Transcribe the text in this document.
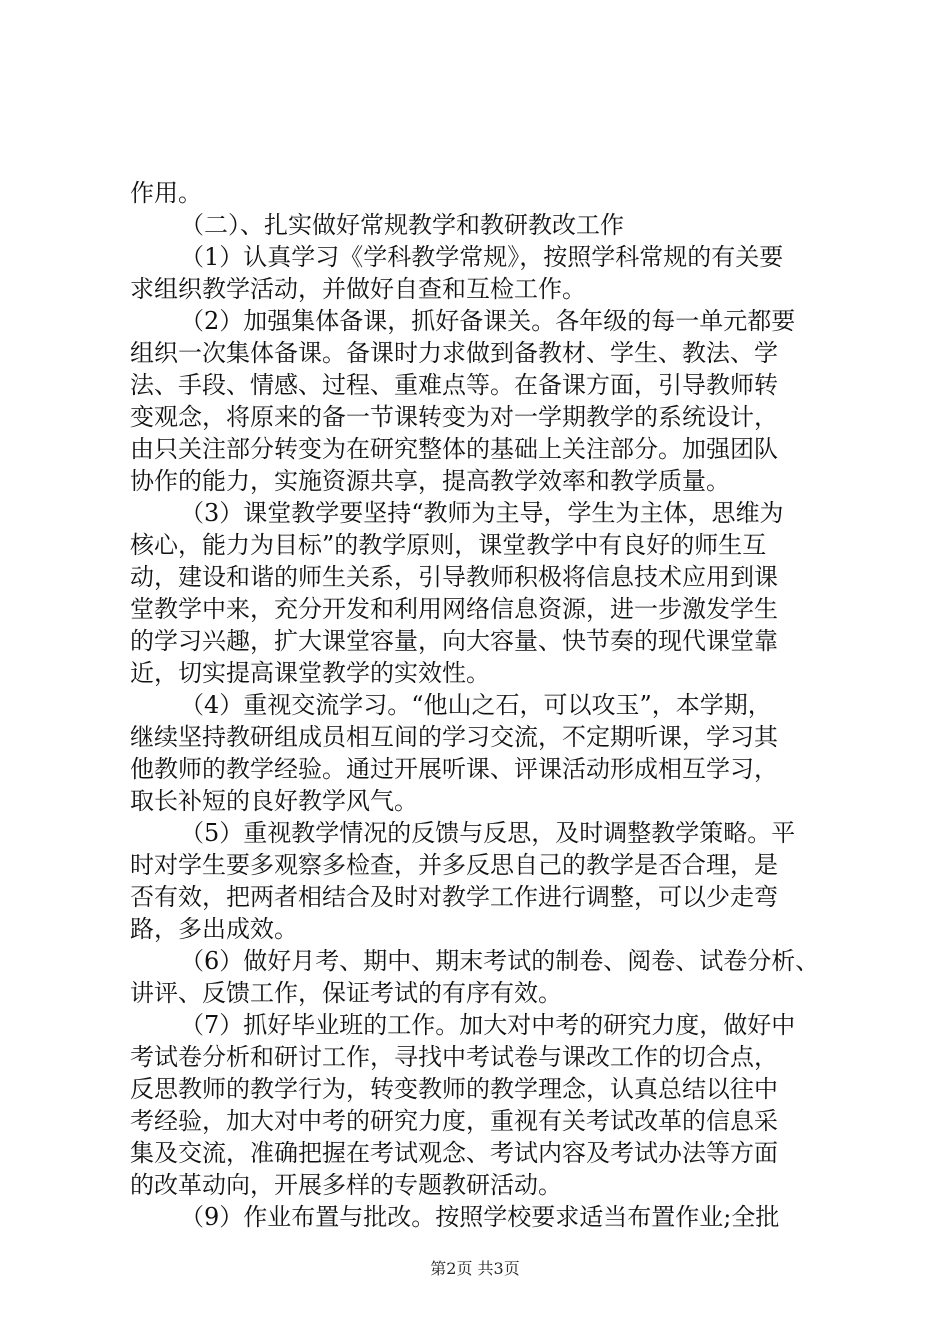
作用。
（二）、扎实做好常规教学和教研教改工作
（1）认真学习《学科教学常规》，按照学科常规的有关要
求组织教学活动，并做好自查和互检工作。
（2）加强集体备课，抓好备课关。各年级的每一单元都要
组织一次集体备课。备课时力求做到备教材、学生、教法、学
法、手段、情感、过程、重难点等。在备课方面，引导教师转
变观念，将原来的备一节课转变为对一学期教学的系统设计，
由只关注部分转变为在研究整体的基础上关注部分。加强团队
协作的能力，实施资源共享，提高教学效率和教学质量。
（3）课堂教学要坚持“教师为主导，学生为主体，思维为
核心，能力为目标”的教学原则，课堂教学中有良好的师生互
动，建设和谐的师生关系，引导教师积极将信息技术应用到课
堂教学中来，充分开发和利用网络信息资源，进一步激发学生
的学习兴趣，扩大课堂容量，向大容量、快节奏的现代课堂靠
近，切实提高课堂教学的实效性。
（4）重视交流学习。“他山之石，可以攻玉”，本学期，
继续坚持教研组成员相互间的学习交流，不定期听课，学习其
他教师的教学经验。通过开展听课、评课活动形成相互学习，
取长补短的良好教学风气。
（5）重视教学情况的反馈与反思，及时调整教学策略。平
时对学生要多观察多检查，并多反思自己的教学是否合理，是
否有效，把两者相结合及时对教学工作进行调整，可以少走弯
路，多出成效。
（6）做好月考、期中、期末考试的制卷、阅卷、试卷分析、
讲评、反馈工作，保证考试的有序有效。
（7）抓好毕业班的工作。加大对中考的研究力度，做好中
考试卷分析和研讨工作，寻找中考试卷与课改工作的切合点，
反思教师的教学行为，转变教师的教学理念，认真总结以往中
考经验，加大对中考的研究力度，重视有关考试改革的信息采
集及交流，准确把握在考试观念、考试内容及考试办法等方面
的改革动向，开展多样的专题教研活动。
（9）作业布置与批改。按照学校要求适当布置作业;全批
第2页 共3页
